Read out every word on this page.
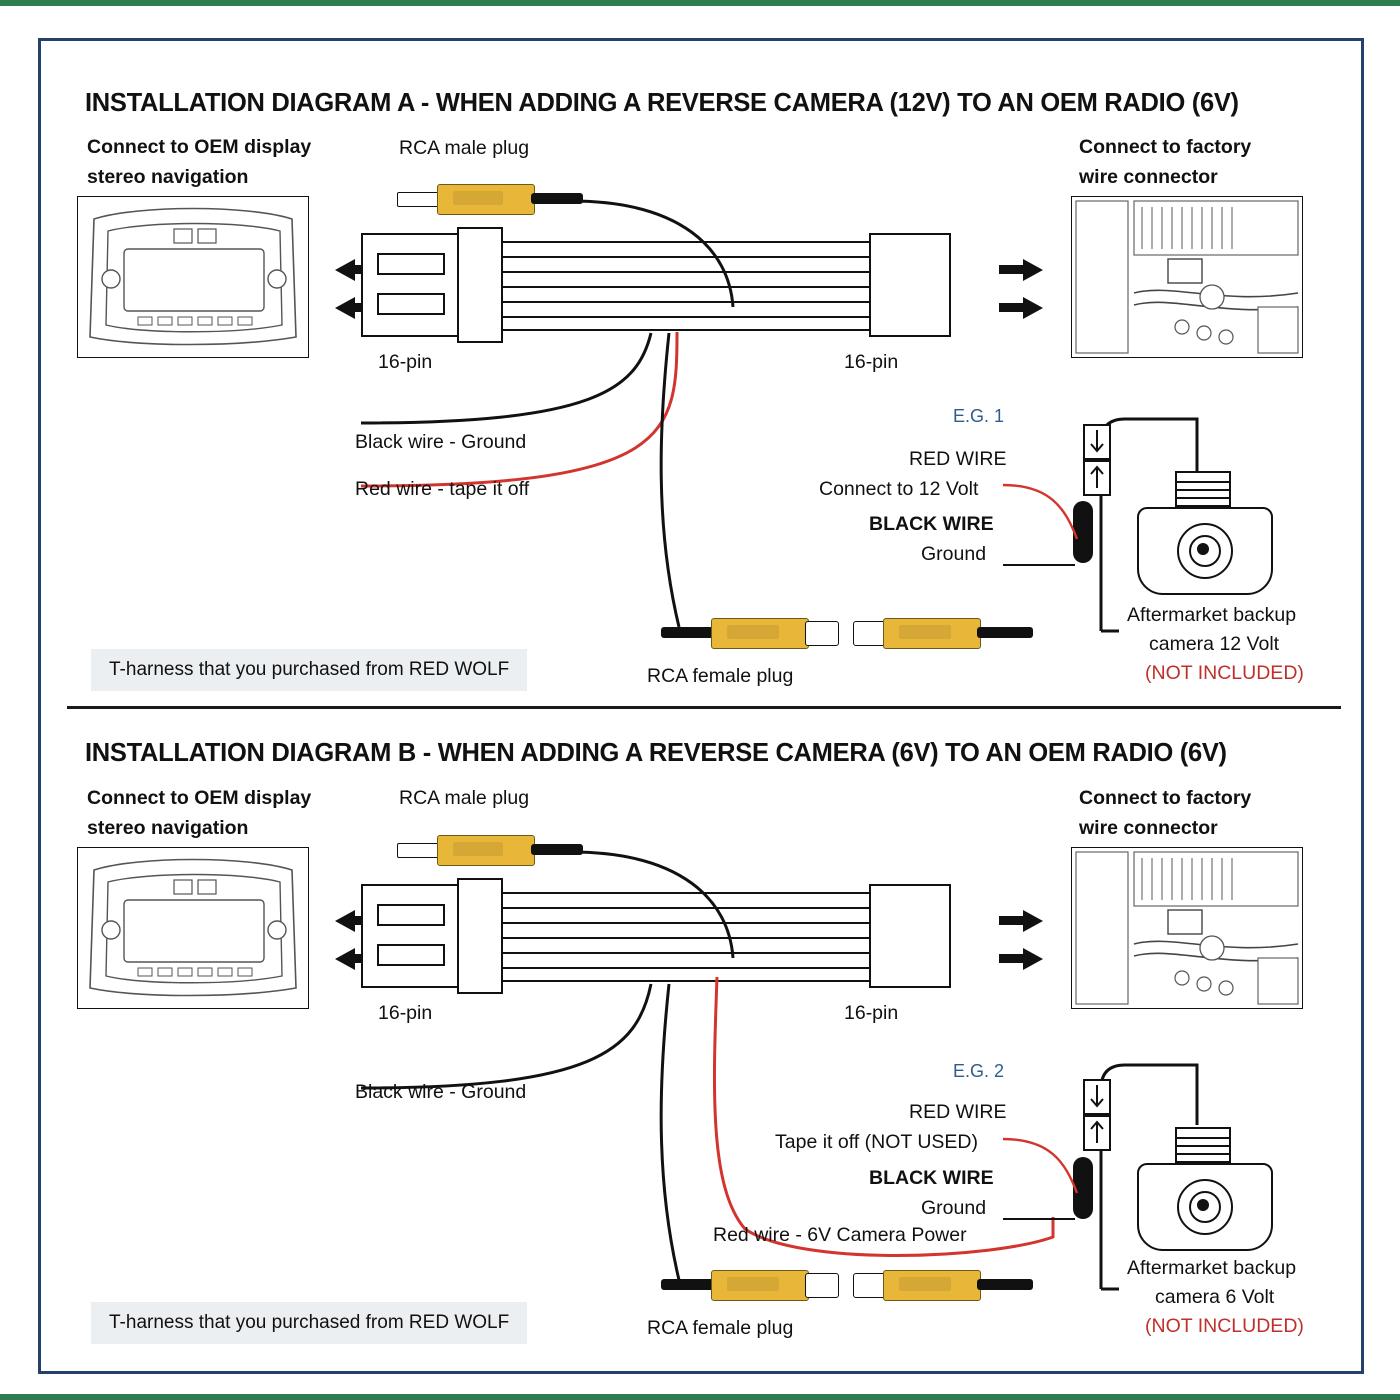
INSTALLATION DIAGRAM A - WHEN ADDING A REVERSE CAMERA (12V) TO AN OEM RADIO (6V)
Connect to OEM display
stereo navigation
RCA male plug	Connect to factory
wire connector
16-pin	16-pin
Black wire - Ground
Red wire - tape it off
RCA female plug
E.G. 1
RED WIRE
Connect to 12 Volt
BLACK WIRE
Ground
Aftermarket backup
camera 12 Volt
(NOT INCLUDED)
T-harness that you purchased from RED WOLF
INSTALLATION DIAGRAM B - WHEN ADDING A REVERSE CAMERA (6V) TO AN OEM RADIO (6V)
Connect to OEM display
stereo navigation
RCA male plug	Connect to factory
wire connector
16-pin	16-pin
Black wire - Ground
Red wire - 6V Camera Power
RCA female plug
E.G. 2
RED WIRE
Tape it off (NOT USED)
BLACK WIRE
Ground
Aftermarket backup
camera 6 Volt
(NOT INCLUDED)
T-harness that you purchased from RED WOLF
